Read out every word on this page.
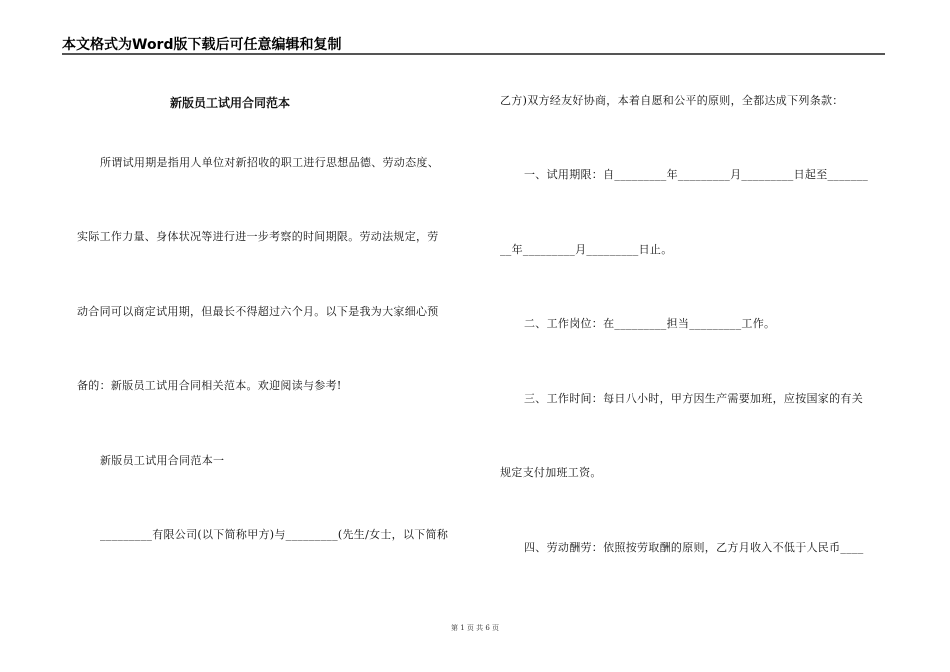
本文格式为Word版下载后可任意编辑和复制
新版员工试用合同范本
所谓试用期是指用人单位对新招收的职工进行思想品德、劳动态度、
实际工作力量、身体状况等进行进一步考察的时间期限。劳动法规定，劳
动合同可以商定试用期，但最长不得超过六个月。以下是我为大家细心预
备的：新版员工试用合同相关范本。欢迎阅读与参考!
新版员工试用合同范本一
_________有限公司(以下简称甲方)与_________(先生/女士，以下简称
乙方)双方经友好协商，本着自愿和公平的原则，全都达成下列条款：
一、试用期限：自_________年_________月_________日起至_______
__年_________月_________日止。
二、工作岗位：在_________担当_________工作。
三、工作时间：每日八小时，甲方因生产需要加班，应按国家的有关
规定支付加班工资。
四、劳动酬劳：依照按劳取酬的原则，乙方月收入不低于人民币____
第 1 页 共 6 页
